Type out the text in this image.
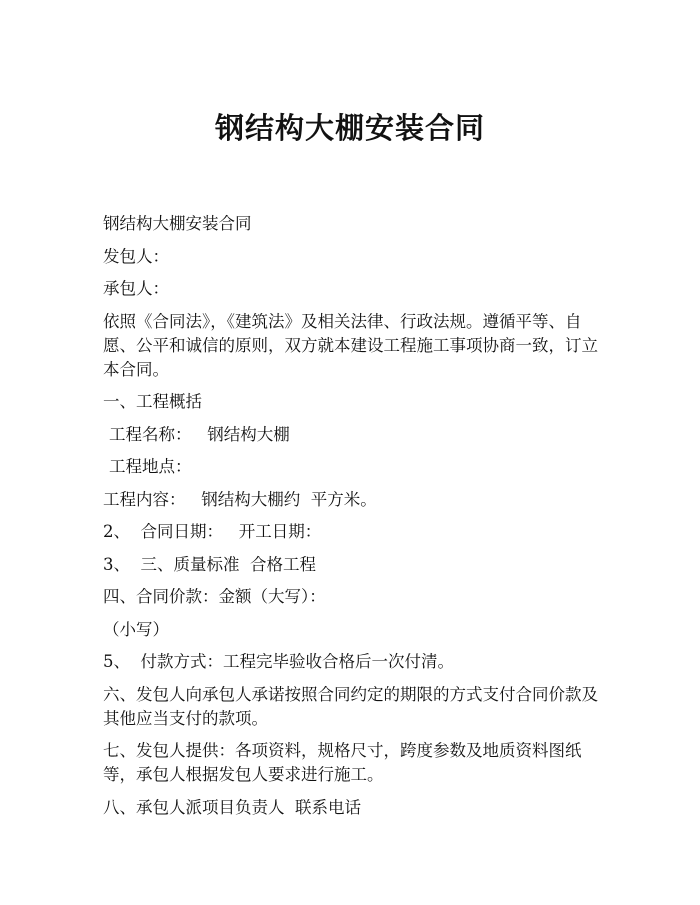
钢结构大棚安装合同

钢结构大棚安装合同

发包人：

承包人：

依照《合同法》，《建筑法》及相关法律、行政法规。遵循平等、自愿、公平和诚信的原则，双方就本建设工程施工事项协商一致，订立本合同。

一、工程概括

工程名称：   钢结构大棚

工程地点：

工程内容：   钢结构大棚约  平方米。

2、  合同日期：   开工日期：

3、  三、质量标准  合格工程

四、合同价款：金额（大写）：

（小写）

5、  付款方式：工程完毕验收合格后一次付清。

六、发包人向承包人承诺按照合同约定的期限的方式支付合同价款及其他应当支付的款项。

七、发包人提供：各项资料，规格尺寸，跨度参数及地质资料图纸等，承包人根据发包人要求进行施工。

八、承包人派项目负责人  联系电话
